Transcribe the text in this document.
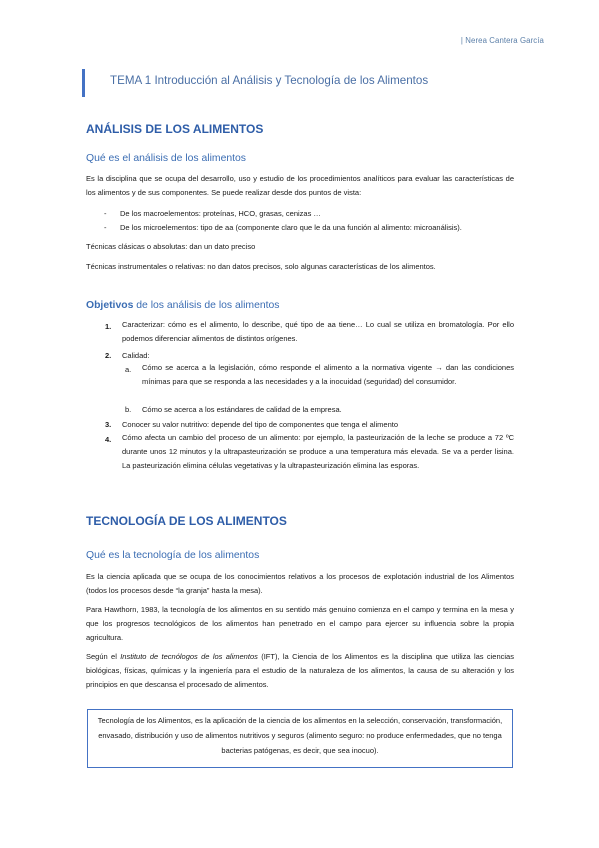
| Nerea Cantera García
TEMA 1 Introducción al Análisis y Tecnología de los Alimentos
ANÁLISIS DE LOS ALIMENTOS
Qué es el análisis de los alimentos
Es la disciplina que se ocupa del desarrollo, uso y estudio de los procedimientos analíticos para evaluar las características de los alimentos y de sus componentes. Se puede realizar desde dos puntos de vista:
- De los macroelementos: proteínas, HCO, grasas, cenizas …
- De los microelementos: tipo de aa (componente claro que le da una función al alimento: microanálisis).
Técnicas clásicas o absolutas: dan un dato preciso
Técnicas instrumentales o relativas: no dan datos precisos, solo algunas características de los alimentos.
Objetivos de los análisis de los alimentos
1. Caracterizar: cómo es el alimento, lo describe, qué tipo de aa tiene… Lo cual se utiliza en bromatología. Por ello podemos diferenciar alimentos de distintos orígenes.
2. Calidad:
a. Cómo se acerca a la legislación, cómo responde el alimento a la normativa vigente → dan las condiciones mínimas para que se responda a las necesidades y a la inocuidad (seguridad) del consumidor.
b. Cómo se acerca a los estándares de calidad de la empresa.
3. Conocer su valor nutritivo: depende del tipo de componentes que tenga el alimento
4. Cómo afecta un cambio del proceso de un alimento: por ejemplo, la pasteurización de la leche se produce a 72 ºC durante unos 12 minutos y la ultrapasteurización se produce a una temperatura más elevada. Se va a perder lisina. La pasteurización elimina células vegetativas y la ultrapasteurización elimina las esporas.
TECNOLOGÍA DE LOS ALIMENTOS
Qué es la tecnología de los alimentos
Es la ciencia aplicada que se ocupa de los conocimientos relativos a los procesos de explotación industrial de los Alimentos (todos los procesos desde “la granja” hasta la mesa).
Para Hawthorn, 1983, la tecnología de los alimentos en su sentido más genuino comienza en el campo y termina en la mesa y que los progresos tecnológicos de los alimentos han penetrado en el campo para ejercer su influencia sobre la propia agricultura.
Según el Instituto de tecnólogos de los alimentos (IFT), la Ciencia de los Alimentos es la disciplina que utiliza las ciencias biológicas, físicas, químicas y la ingeniería para el estudio de la naturaleza de los alimentos, la causa de su alteración y los principios en que descansa el procesado de alimentos.
Tecnología de los Alimentos, es la aplicación de la ciencia de los alimentos en la selección, conservación, transformación, envasado, distribución y uso de alimentos nutritivos y seguros (alimento seguro: no produce enfermedades, que no tenga bacterias patógenas, es decir, que sea inocuo).
